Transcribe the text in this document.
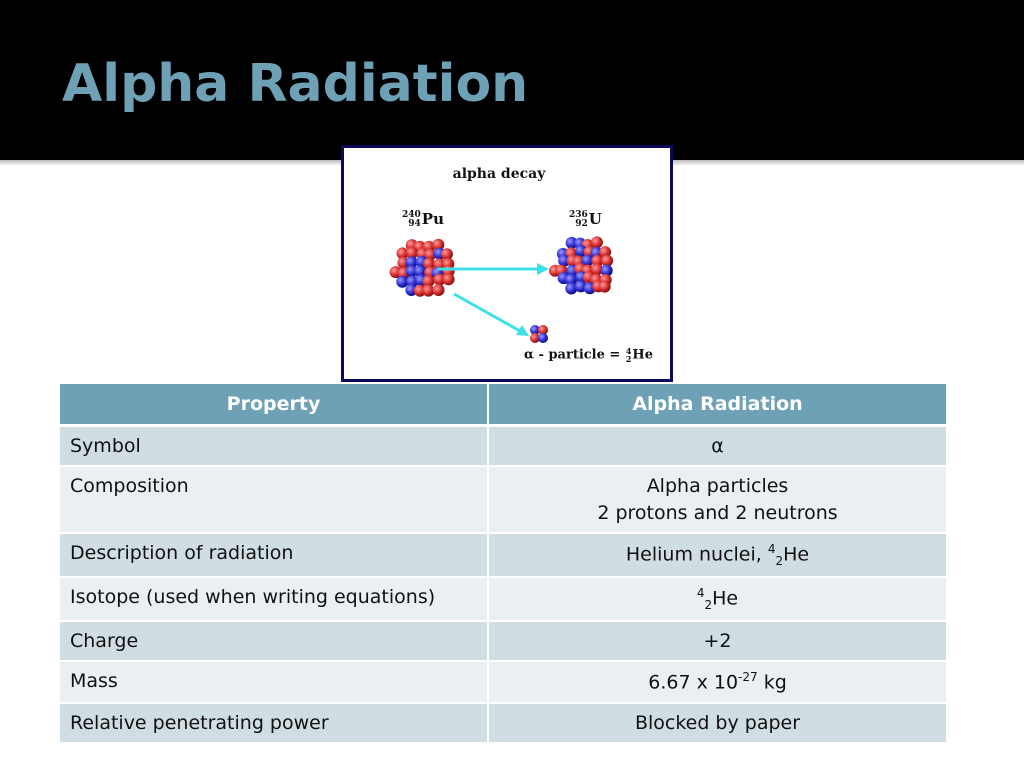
Alpha Radiation
alpha decay
240
94Pu	236
92U
α - particle = 4
2He
Property	Alpha Radiation
Symbol	α
Composition	Alpha particles
2 protons and 2 neutrons

Description of radiation	Helium nuclei, $^4_2$He
Isotope (used when writing equations)	$^4_2$He
Charge	+2
Mass	6.67 x $10^{-27}$ kg
Relative penetrating power	Blocked by paper
